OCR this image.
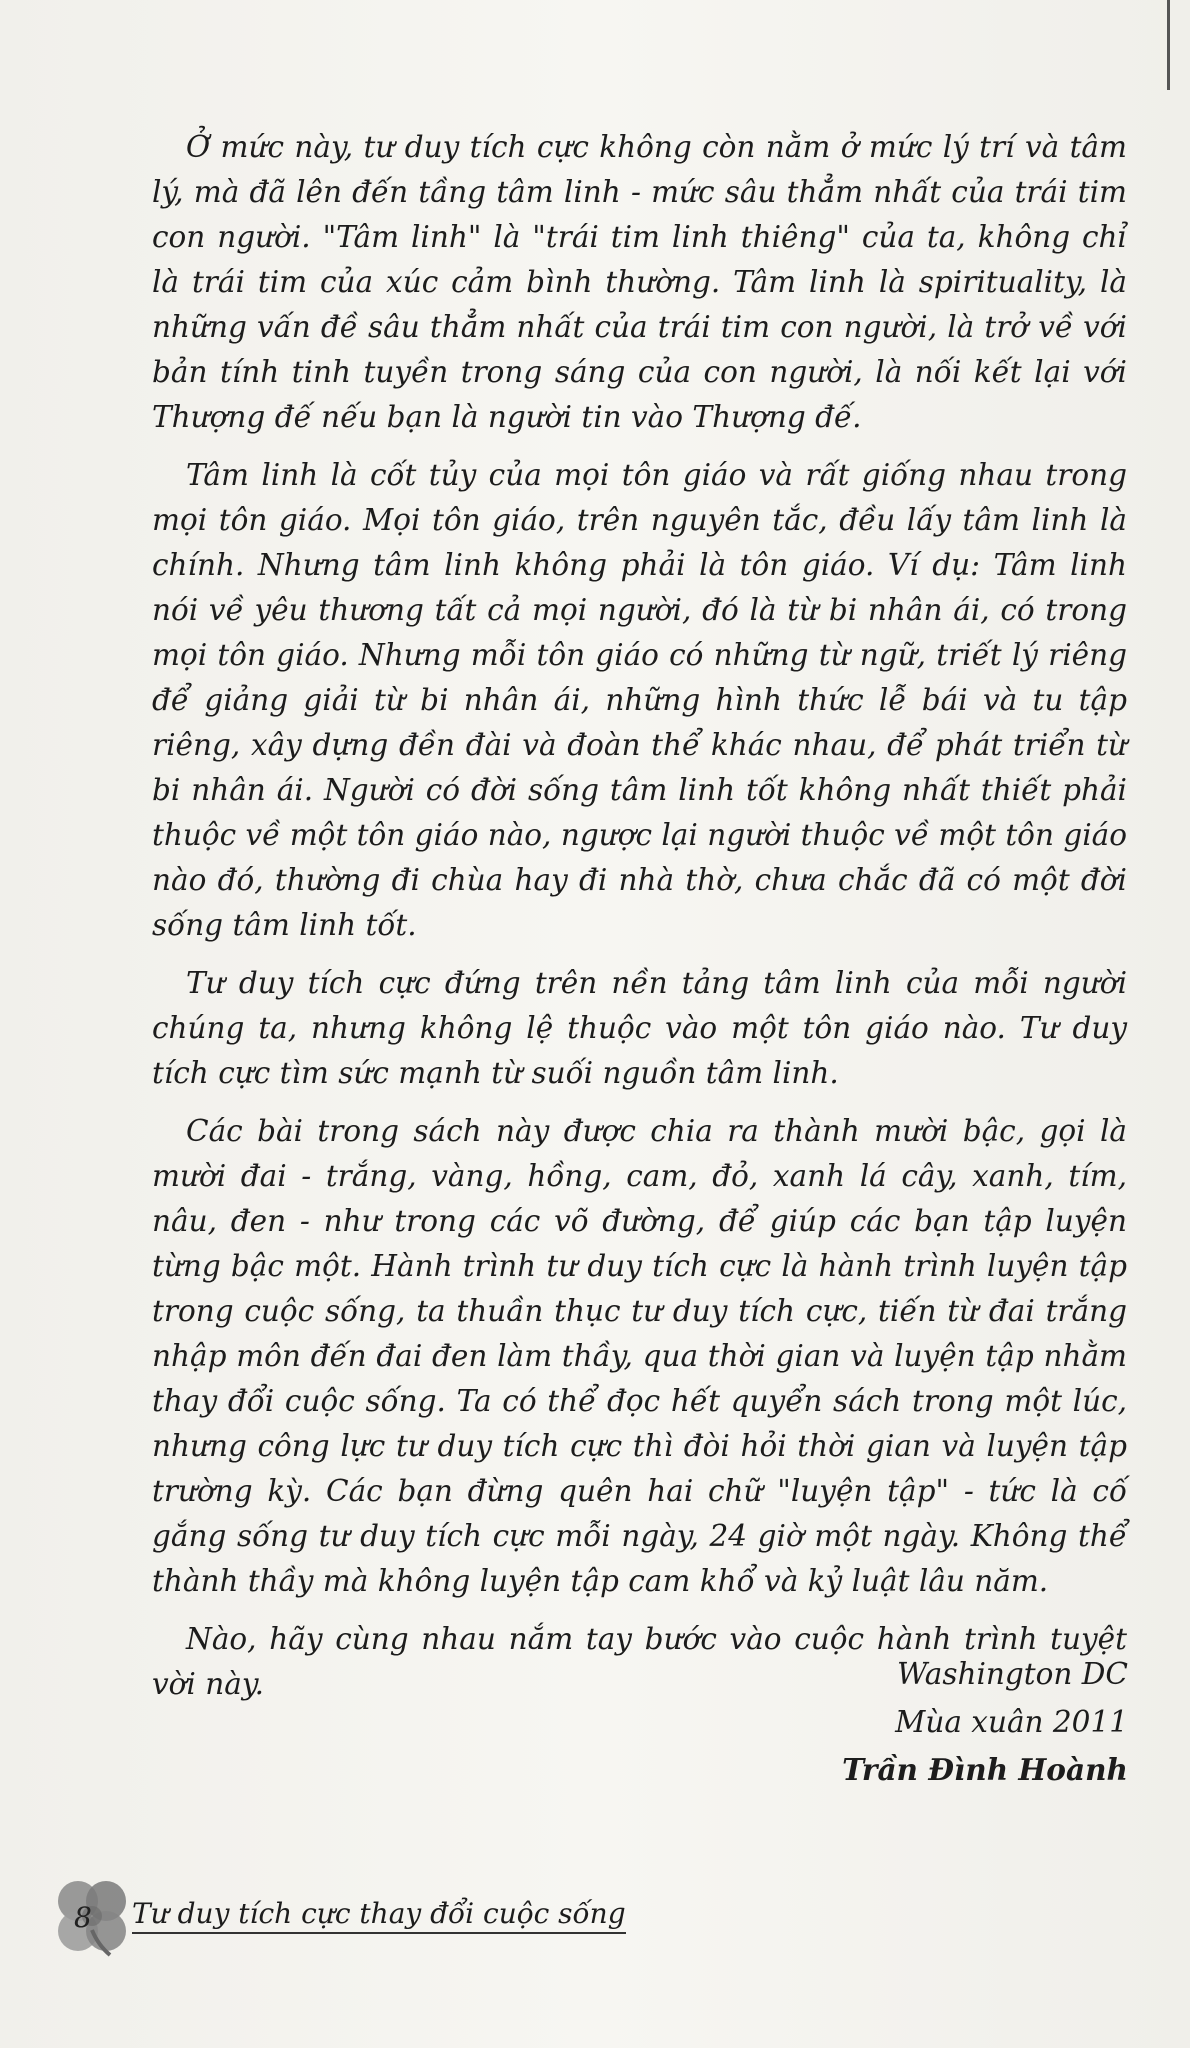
Ở mức này, tư duy tích cực không còn nằm ở mức lý trí và tâm lý, mà đã lên đến tầng tâm linh - mức sâu thẳm nhất của trái tim con người. "Tâm linh" là "trái tim linh thiêng" của ta, không chỉ là trái tim của xúc cảm bình thường. Tâm linh là spirituality, là những vấn đề sâu thẳm nhất của trái tim con người, là trở về với bản tính tinh tuyền trong sáng của con người, là nối kết lại với Thượng đế nếu bạn là người tin vào Thượng đế.

Tâm linh là cốt tủy của mọi tôn giáo và rất giống nhau trong mọi tôn giáo. Mọi tôn giáo, trên nguyên tắc, đều lấy tâm linh là chính. Nhưng tâm linh không phải là tôn giáo. Ví dụ: Tâm linh nói về yêu thương tất cả mọi người, đó là từ bi nhân ái, có trong mọi tôn giáo. Nhưng mỗi tôn giáo có những từ ngữ, triết lý riêng để giảng giải từ bi nhân ái, những hình thức lễ bái và tu tập riêng, xây dựng đền đài và đoàn thể khác nhau, để phát triển từ bi nhân ái. Người có đời sống tâm linh tốt không nhất thiết phải thuộc về một tôn giáo nào, ngược lại người thuộc về một tôn giáo nào đó, thường đi chùa hay đi nhà thờ, chưa chắc đã có một đời sống tâm linh tốt.

Tư duy tích cực đứng trên nền tảng tâm linh của mỗi người chúng ta, nhưng không lệ thuộc vào một tôn giáo nào. Tư duy tích cực tìm sức mạnh từ suối nguồn tâm linh.

Các bài trong sách này được chia ra thành mười bậc, gọi là mười đai - trắng, vàng, hồng, cam, đỏ, xanh lá cây, xanh, tím, nâu, đen - như trong các võ đường, để giúp các bạn tập luyện từng bậc một. Hành trình tư duy tích cực là hành trình luyện tập trong cuộc sống, ta thuần thục tư duy tích cực, tiến từ đai trắng nhập môn đến đai đen làm thầy, qua thời gian và luyện tập nhằm thay đổi cuộc sống. Ta có thể đọc hết quyển sách trong một lúc, nhưng công lực tư duy tích cực thì đòi hỏi thời gian và luyện tập trường kỳ. Các bạn đừng quên hai chữ "luyện tập" - tức là cố gắng sống tư duy tích cực mỗi ngày, 24 giờ một ngày. Không thể thành thầy mà không luyện tập cam khổ và kỷ luật lâu năm.

Nào, hãy cùng nhau nắm tay bước vào cuộc hành trình tuyệt vời này.	Washington DC
Mùa xuân 2011
Trần Đình Hoành
8 Tư duy tích cực thay đổi cuộc sống
